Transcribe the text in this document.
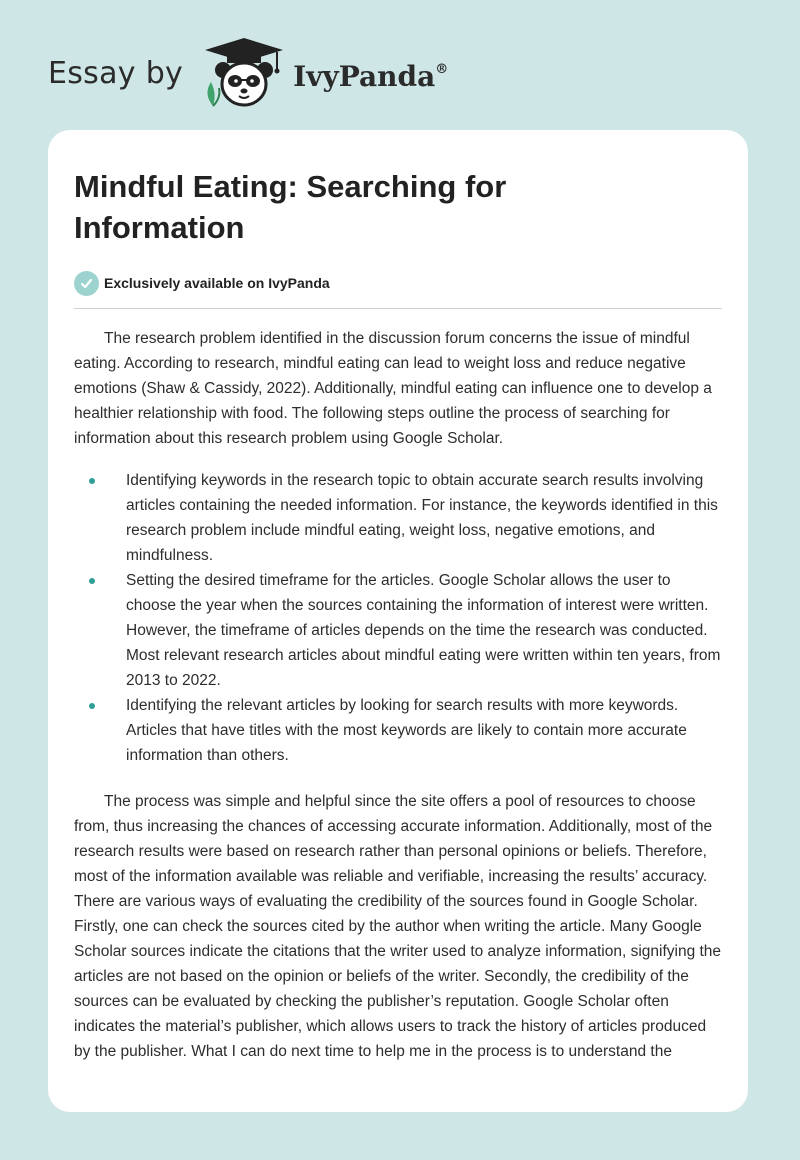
Essay by	IvyPanda®
Mindful Eating: Searching for Information
Exclusively available on IvyPanda

The research problem identified in the discussion forum concerns the issue of mindful eating. According to research, mindful eating can lead to weight loss and reduce negative emotions (Shaw & Cassidy, 2022). Additionally, mindful eating can influence one to develop a healthier relationship with food. The following steps outline the process of searching for information about this research problem using Google Scholar.

Identifying keywords in the research topic to obtain accurate search results involving articles containing the needed information. For instance, the keywords identified in this research problem include mindful eating, weight loss, negative emotions, and mindfulness.
Setting the desired timeframe for the articles. Google Scholar allows the user to choose the year when the sources containing the information of interest were written. However, the timeframe of articles depends on the time the research was conducted. Most relevant research articles about mindful eating were written within ten years, from 2013 to 2022.
Identifying the relevant articles by looking for search results with more keywords. Articles that have titles with the most keywords are likely to contain more accurate information than others.

The process was simple and helpful since the site offers a pool of resources to choose from, thus increasing the chances of accessing accurate information. Additionally, most of the research results were based on research rather than personal opinions or beliefs. Therefore, most of the information available was reliable and verifiable, increasing the results’ accuracy. There are various ways of evaluating the credibility of the sources found in Google Scholar. Firstly, one can check the sources cited by the author when writing the article. Many Google Scholar sources indicate the citations that the writer used to analyze information, signifying the articles are not based on the opinion or beliefs of the writer. Secondly, the credibility of the sources can be evaluated by checking the publisher’s reputation. Google Scholar often indicates the material’s publisher, which allows users to track the history of articles produced by the publisher. What I can do next time to help me in the process is to understand the
